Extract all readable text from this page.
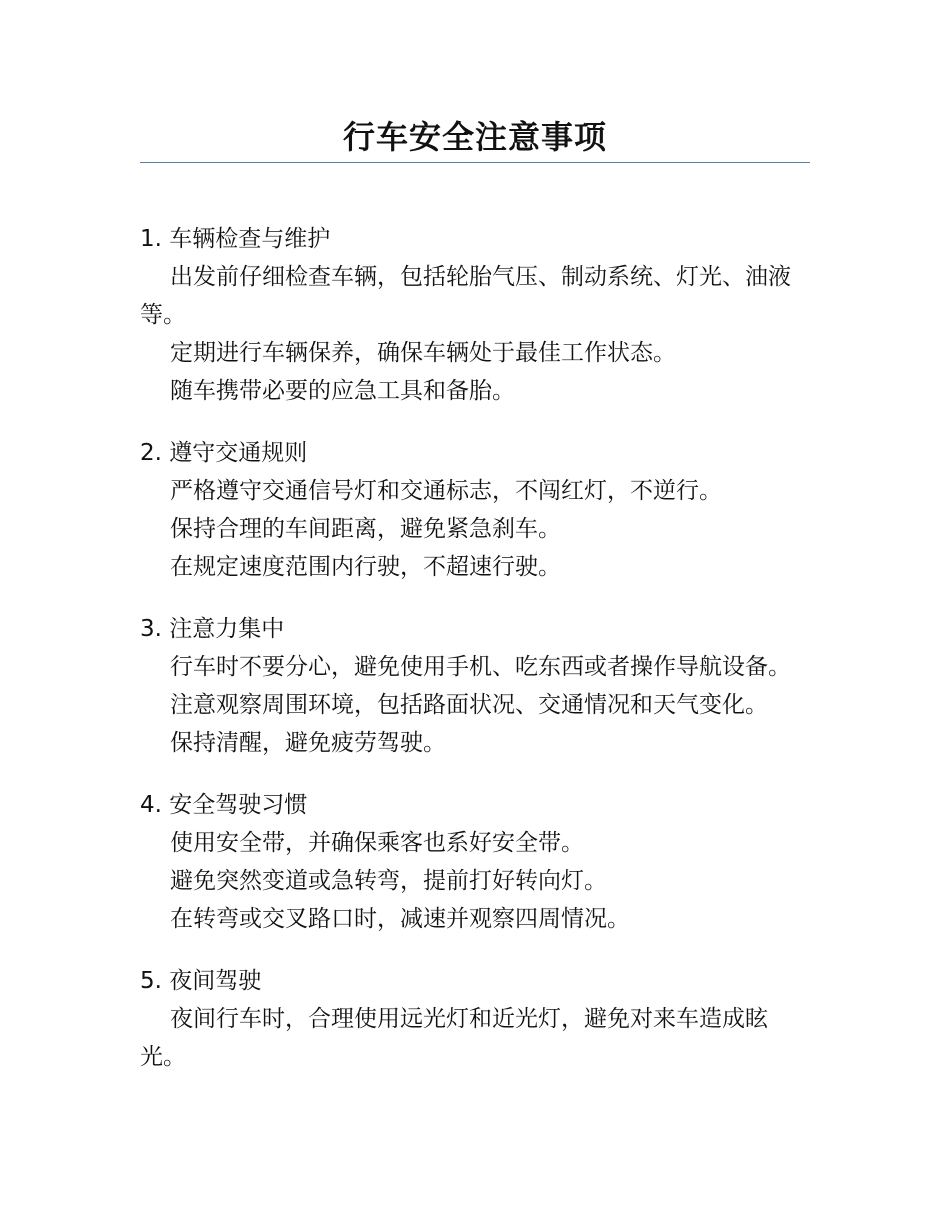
行车安全注意事项

1. 车辆检查与维护

出发前仔细检查车辆，包括轮胎气压、制动系统、灯光、油液等。

定期进行车辆保养，确保车辆处于最佳工作状态。

随车携带必要的应急工具和备胎。

2. 遵守交通规则

严格遵守交通信号灯和交通标志，不闯红灯，不逆行。

保持合理的车间距离，避免紧急刹车。

在规定速度范围内行驶，不超速行驶。

3. 注意力集中

行车时不要分心，避免使用手机、吃东西或者操作导航设备。

注意观察周围环境，包括路面状况、交通情况和天气变化。

保持清醒，避免疲劳驾驶。

4. 安全驾驶习惯

使用安全带，并确保乘客也系好安全带。

避免突然变道或急转弯，提前打好转向灯。

在转弯或交叉路口时，减速并观察四周情况。

5. 夜间驾驶

夜间行车时，合理使用远光灯和近光灯，避免对来车造成眩光。
